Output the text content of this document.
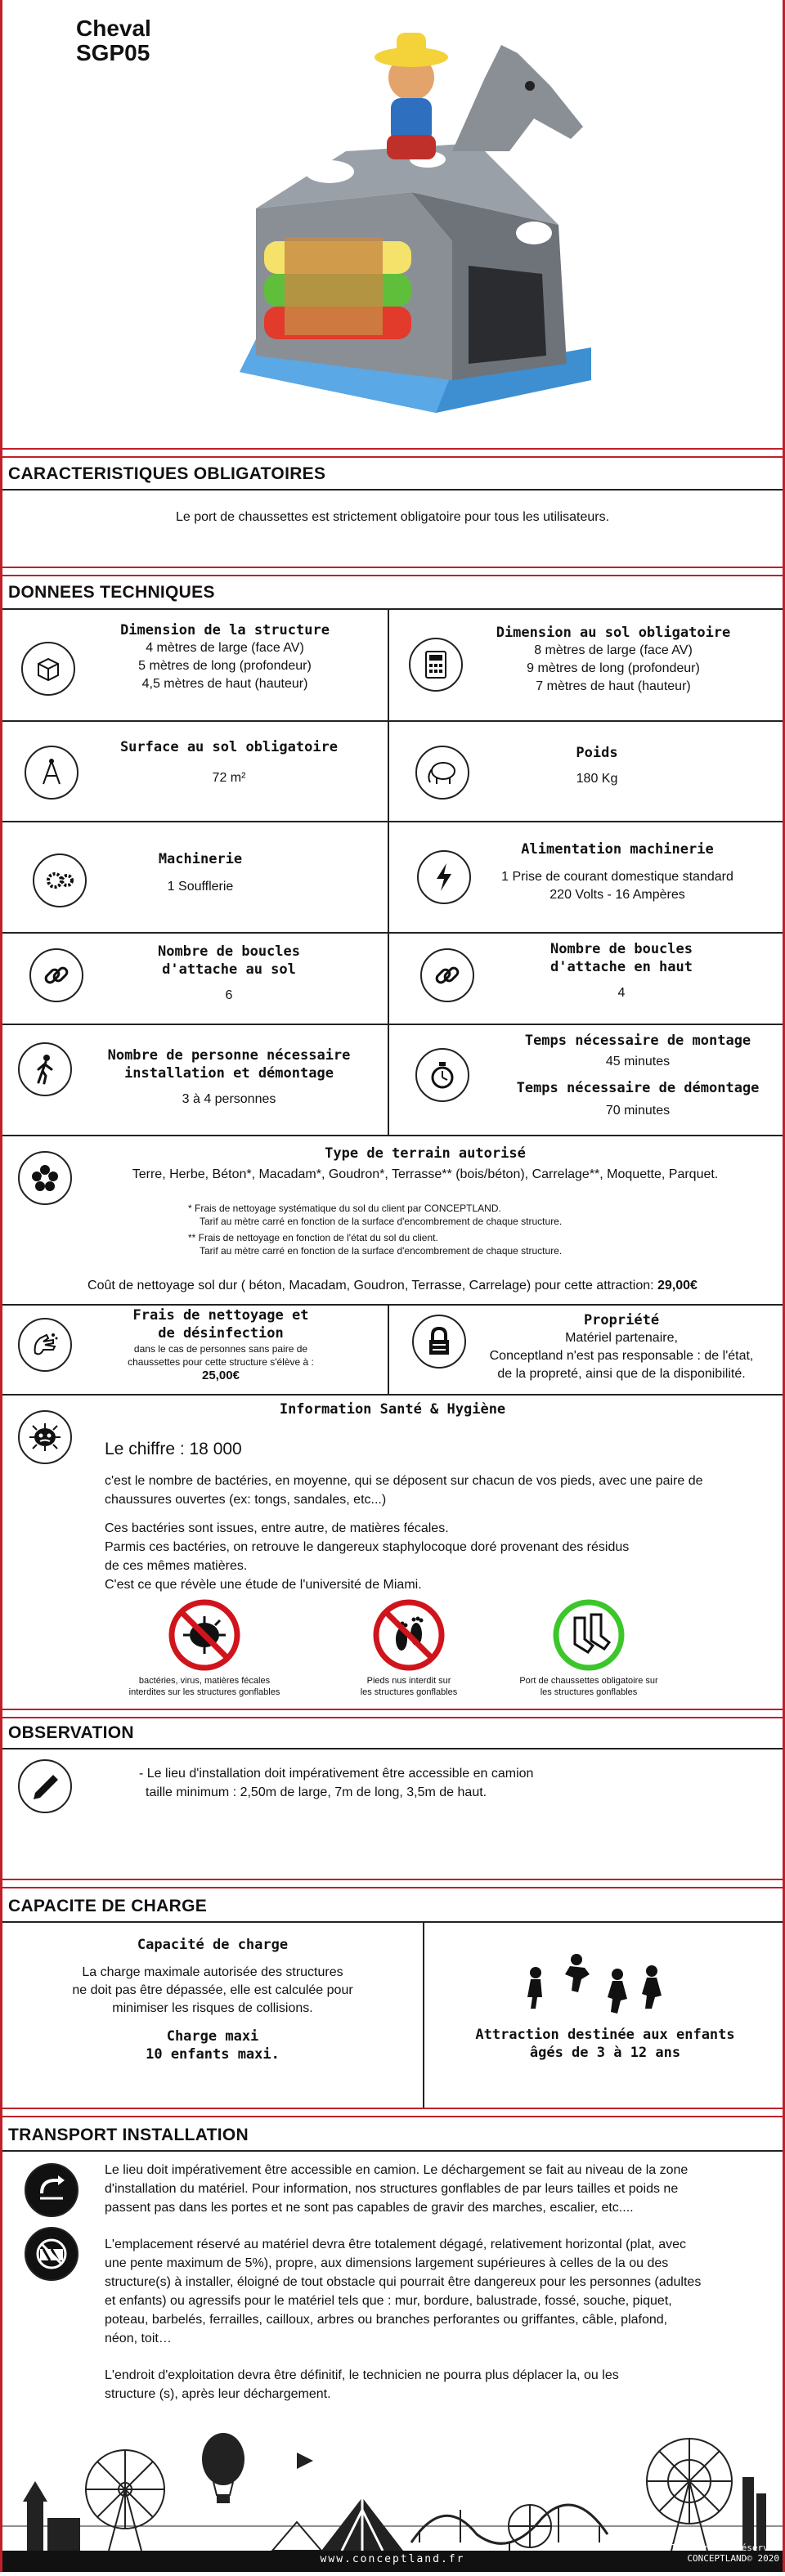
Cheval
SGP05
CARACTERISTIQUES OBLIGATOIRES
Le port de chaussettes est strictement obligatoire pour tous les utilisateurs.
DONNEES TECHNIQUES
Dimension de la structure
4 mètres de large (face AV)
5 mètres de long (profondeur)
4,5 mètres de haut (hauteur)
Dimension au sol obligatoire
8 mètres de large (face AV)
9 mètres de long (profondeur)
7 mètres de haut (hauteur)
Surface au sol obligatoire
72 m²
Poids
180 Kg
Machinerie
1 Soufflerie
Alimentation machinerie
1 Prise de courant domestique standard
220 Volts - 16 Ampères
Nombre de boucles
d'attache au sol
6
Nombre de boucles
d'attache en haut
4
Nombre de personne nécessaire
installation et démontage
3 à 4 personnes
Temps nécessaire de montage
45 minutes
Temps nécessaire de démontage
70 minutes
Type de terrain autorisé
Terre, Herbe, Béton*, Macadam*, Goudron*, Terrasse** (bois/béton), Carrelage**, Moquette, Parquet.
* Frais de nettoyage systématique du sol du client par CONCEPTLAND.
Tarif au mètre carré en fonction de la surface d'encombrement de chaque structure.
** Frais de nettoyage en fonction de l'état du sol du client.
Tarif au mètre carré en fonction de la surface d'encombrement de chaque structure.
Coût de nettoyage sol dur ( béton, Macadam, Goudron, Terrasse, Carrelage) pour cette attraction: 29,00€
Frais de nettoyage et
de désinfection
dans le cas de personnes sans paire de
chaussettes pour cette structure s'élève à :
25,00€
Propriété
Matériel partenaire,
Conceptland n'est pas responsable : de l'état,
de la propreté, ainsi que de la disponibilité.
Information Santé & Hygiène
Le chiffre : 18 000
c'est le nombre de bactéries, en moyenne, qui se déposent sur chacun de vos pieds, avec une paire de
chaussures ouvertes (ex: tongs, sandales, etc...)
Ces bactéries sont issues, entre autre, de matières fécales.
Parmis ces bactéries, on retrouve le dangereux staphylocoque doré provenant des résidus
de ces mêmes matières.
C'est ce que révèle une étude de l'université de Miami.
bactéries, virus, matières fécales
interdites sur les structures gonflables
Pieds nus interdit sur
les structures gonflables
Port de chaussettes obligatoire sur
les structures gonflables
OBSERVATION
- Le lieu d'installation doit impérativement être accessible en camion
taille minimum : 2,50m de large, 7m de long, 3,5m de haut.
CAPACITE DE CHARGE
Capacité de charge
La charge maximale autorisée des structures
ne doit pas être dépassée, elle est calculée pour
minimiser les risques de collisions.
Charge maxi
10 enfants maxi.
Attraction destinée aux enfants
âgés de 3 à 12 ans
TRANSPORT INSTALLATION
Le lieu doit impérativement être accessible en camion. Le déchargement se fait au niveau de la zone
d'installation du matériel. Pour information, nos structures gonflables de par leurs tailles et poids ne
passent pas dans les portes et ne sont pas capables de gravir des marches, escalier, etc....
L'emplacement réservé au matériel devra être totalement dégagé, relativement horizontal (plat, avec
une pente maximum de 5%), propre, aux dimensions largement supérieures à celles de la ou des
structure(s) à installer, éloigné de tout obstacle qui pourrait être dangereux pour les personnes (adultes
et enfants) ou agressifs pour le matériel tels que : mur, bordure, balustrade, fossé, souche, piquet,
poteau, barbelés, ferrailles, cailloux, arbres ou branches perforantes ou griffantes, câble, plafond,
néon, toit…
L'endroit d'exploitation devra être définitif, le technicien ne pourra plus déplacer la, ou les
structure (s), après leur déchargement.
www.conceptland.fr
Tous droits réservés
CONCEPTLAND© 2020
